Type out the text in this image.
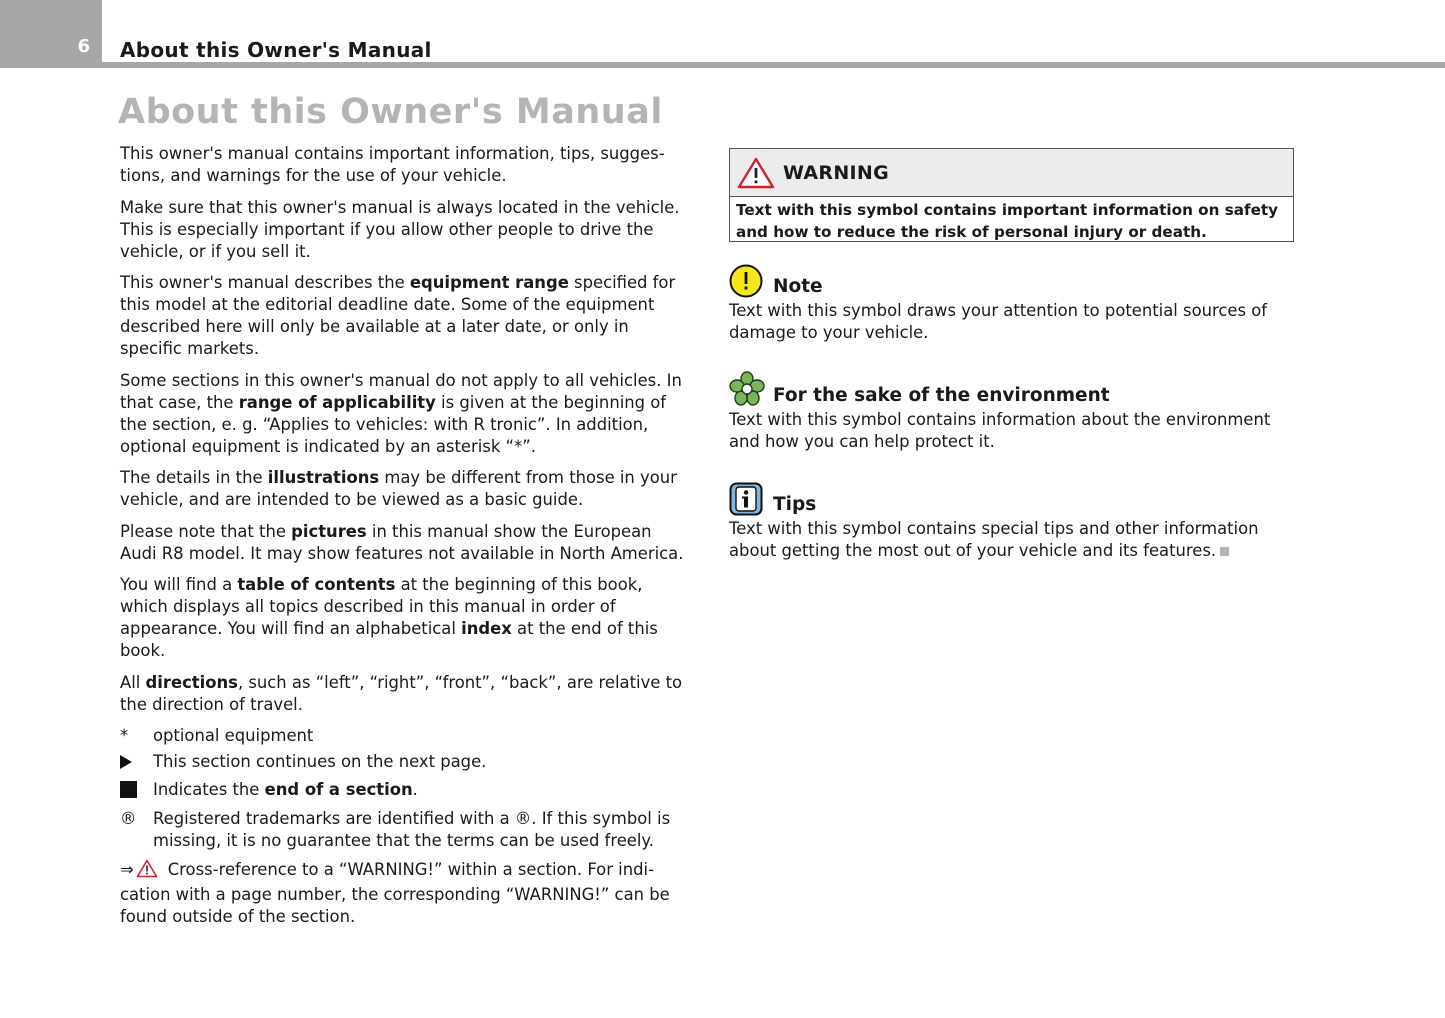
6 About this Owner's Manual
About this Owner's Manual

This owner's manual contains important information, tips, suggestions, and warnings for the use of your vehicle.

Make sure that this owner's manual is always located in the vehicle. This is especially important if you allow other people to drive the vehicle, or if you sell it.

This owner's manual describes the equipment range specified for this model at the editorial deadline date. Some of the equipment described here will only be available at a later date, or only in specific markets.

Some sections in this owner's manual do not apply to all vehicles. In that case, the range of applicability is given at the beginning of the section, e. g. “Applies to vehicles: with R tronic”. In addition, optional equipment is indicated by an asterisk “*”.

The details in the illustrations may be different from those in your vehicle, and are intended to be viewed as a basic guide.

Please note that the pictures in this manual show the European Audi R8 model. It may show features not available in North America.

You will find a table of contents at the beginning of this book, which displays all topics described in this manual in order of appearance. You will find an alphabetical index at the end of this book.

All directions, such as “left”, “right”, “front”, “back”, are relative to the direction of travel.

*	optional equipment
This section continues on the next page.
Indicates the end of a section.
®	Registered trademarks are identified with a ®. If this symbol is missing, it is no guarantee that the terms can be used freely.

⇒ Cross-reference to a “WARNING!” within a section. For indication with a page number, the corresponding “WARNING!” can be found outside of the section.

WARNING
Text with this symbol contains important information on safety and how to reduce the risk of personal injury or death.
Note

Text with this symbol draws your attention to potential sources of damage to your vehicle.

For the sake of the environment

Text with this symbol contains information about the environment and how you can help protect it.

Tips

Text with this symbol contains special tips and other information about getting the most out of your vehicle and its features.
